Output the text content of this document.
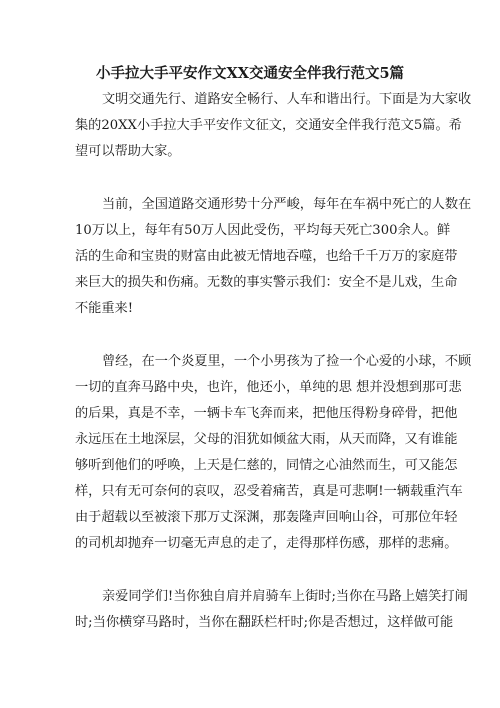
小手拉大手平安作文XX交通安全伴我行范文5篇
文明交通先行、道路安全畅行、人车和谐出行。下面是为大家收
集的20XX小手拉大手平安作文征文，交通安全伴我行范文5篇。希
望可以帮助大家。
当前，全国道路交通形势十分严峻，每年在车祸中死亡的人数在
10万以上，每年有50万人因此受伤，平均每天死亡300余人。鲜
活的生命和宝贵的财富由此被无情地吞噬，也给千千万万的家庭带
来巨大的损失和伤痛。无数的事实警示我们：安全不是儿戏，生命
不能重来!
曾经，在一个炎夏里，一个小男孩为了捡一个心爱的小球，不顾
一切的直奔马路中央，也许，他还小，单纯的思 想并没想到那可悲
的后果，真是不幸，一辆卡车飞奔而来，把他压得粉身碎骨，把他
永远压在土地深层，父母的泪犹如倾盆大雨，从天而降，又有谁能
够听到他们的呼唤，上天是仁慈的，同情之心油然而生，可又能怎
样，只有无可奈何的哀叹，忍受着痛苦，真是可悲啊!一辆载重汽车
由于超载以至被滚下那万丈深渊，那轰隆声回响山谷，可那位年轻
的司机却抛弃一切毫无声息的走了，走得那样伤感，那样的悲痛。
亲爱同学们!当你独自肩并肩骑车上街时;当你在马路上嬉笑打闹
时;当你横穿马路时，当你在翻跃栏杆时;你是否想过，这样做可能
